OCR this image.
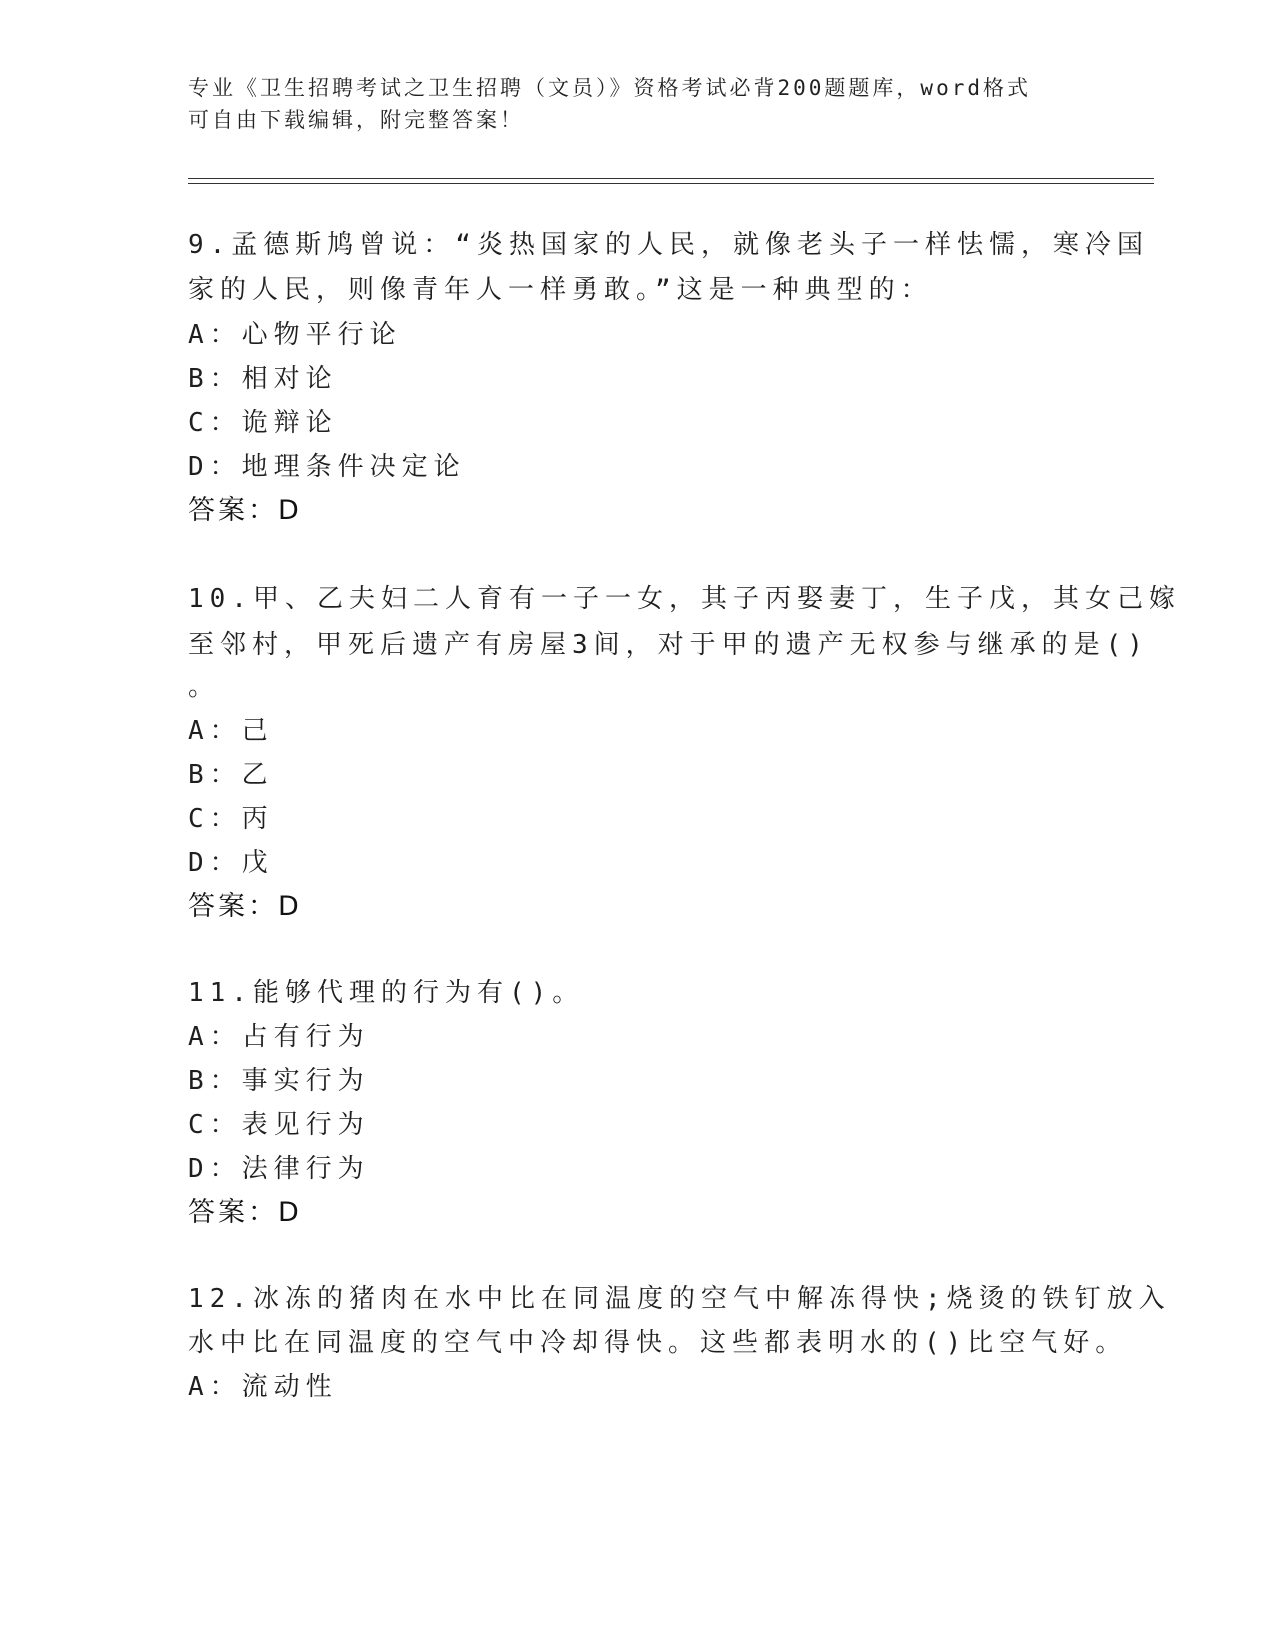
专业《卫生招聘考试之卫生招聘（文员）》资格考试必背200题题库，word格式
可自由下载编辑，附完整答案！
9.孟德斯鸠曾说：“炎热国家的人民，就像老头子一样怯懦，寒冷国
家的人民，则像青年人一样勇敢。”这是一种典型的：
A：心物平行论
B：相对论
C：诡辩论
D：地理条件决定论
答案：D
10.甲、乙夫妇二人育有一子一女，其子丙娶妻丁，生子戊，其女己嫁
至邻村，甲死后遗产有房屋3间，对于甲的遗产无权参与继承的是()
。
A：己
B：乙
C：丙
D：戊
答案：D
11.能够代理的行为有()。
A：占有行为
B：事实行为
C：表见行为
D：法律行为
答案：D
12.冰冻的猪肉在水中比在同温度的空气中解冻得快;烧烫的铁钉放入
水中比在同温度的空气中冷却得快。这些都表明水的()比空气好。
A：流动性
